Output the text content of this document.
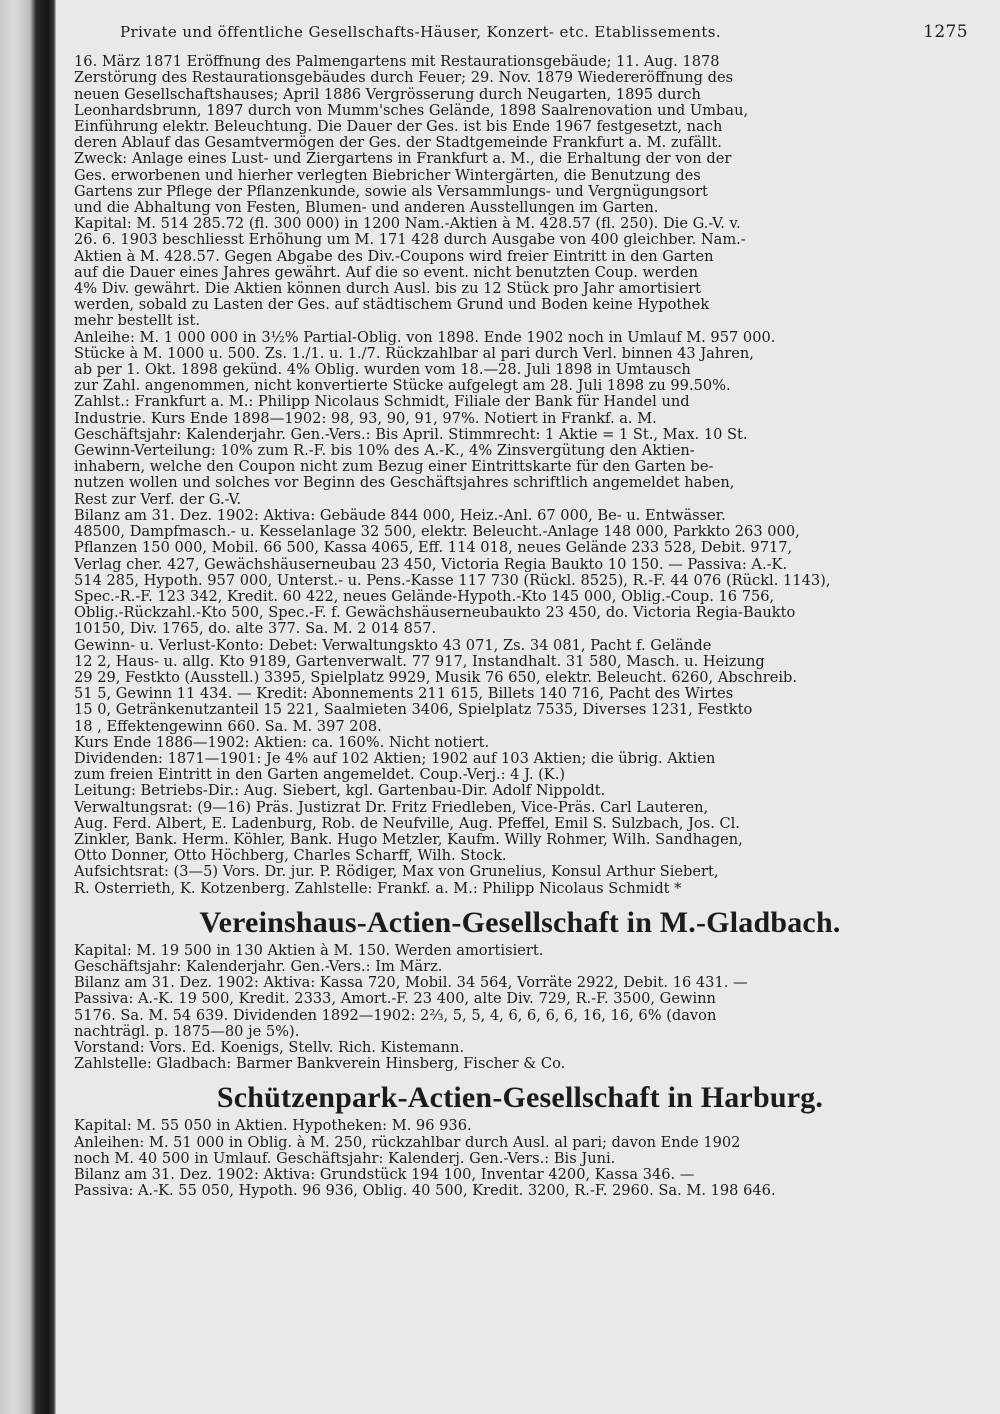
Private und öffentliche Gesellschafts-Häuser, Konzert- etc. Etablissements.	1275
16. März 1871 Eröffnung des Palmengartens mit Restaurationsgebäude; 11. Aug. 1878
Zerstörung des Restaurationsgebäudes durch Feuer; 29. Nov. 1879 Wiedereröffnung des
neuen Gesellschaftshauses; April 1886 Vergrösserung durch Neugarten, 1895 durch
Leonhardsbrunn, 1897 durch von Mumm'sches Gelände, 1898 Saalrenovation und Umbau,
Einführung elektr. Beleuchtung. Die Dauer der Ges. ist bis Ende 1967 festgesetzt, nach
deren Ablauf das Gesamtvermögen der Ges. der Stadtgemeinde Frankfurt a. M. zufällt.
Zweck: Anlage eines Lust- und Ziergartens in Frankfurt a. M., die Erhaltung der von der
Ges. erworbenen und hierher verlegten Biebricher Wintergärten, die Benutzung des
Gartens zur Pflege der Pflanzenkunde, sowie als Versammlungs- und Vergnügungsort
und die Abhaltung von Festen, Blumen- und anderen Ausstellungen im Garten.
Kapital: M. 514 285.72 (fl. 300 000) in 1200 Nam.-Aktien à M. 428.57 (fl. 250). Die G.-V. v.
26. 6. 1903 beschliesst Erhöhung um M. 171 428 durch Ausgabe von 400 gleichber. Nam.-
Aktien à M. 428.57. Gegen Abgabe des Div.-Coupons wird freier Eintritt in den Garten
auf die Dauer eines Jahres gewährt. Auf die so event. nicht benutzten Coup. werden
4% Div. gewährt. Die Aktien können durch Ausl. bis zu 12 Stück pro Jahr amortisiert
werden, sobald zu Lasten der Ges. auf städtischem Grund und Boden keine Hypothek
mehr bestellt ist.
Anleihe: M. 1 000 000 in 3½% Partial-Oblig. von 1898. Ende 1902 noch in Umlauf M. 957 000.
Stücke à M. 1000 u. 500. Zs. 1./1. u. 1./7. Rückzahlbar al pari durch Verl. binnen 43 Jahren,
ab per 1. Okt. 1898 gekünd. 4% Oblig. wurden vom 18.—28. Juli 1898 in Umtausch
zur Zahl. angenommen, nicht konvertierte Stücke aufgelegt am 28. Juli 1898 zu 99.50%.
Zahlst.: Frankfurt a. M.: Philipp Nicolaus Schmidt, Filiale der Bank für Handel und
Industrie. Kurs Ende 1898—1902: 98, 93, 90, 91, 97%. Notiert in Frankf. a. M.
Geschäftsjahr: Kalenderjahr. Gen.-Vers.: Bis April. Stimmrecht: 1 Aktie = 1 St., Max. 10 St.
Gewinn-Verteilung: 10% zum R.-F. bis 10% des A.-K., 4% Zinsvergütung den Aktien-
inhabern, welche den Coupon nicht zum Bezug einer Eintrittskarte für den Garten be-
nutzen wollen und solches vor Beginn des Geschäftsjahres schriftlich angemeldet haben,
Rest zur Verf. der G.-V.
Bilanz am 31. Dez. 1902: Aktiva: Gebäude 844 000, Heiz.-Anl. 67 000, Be- u. Entwässer.
48500, Dampfmasch.- u. Kesselanlage 32 500, elektr. Beleucht.-Anlage 148 000, Parkkto 263 000,
Pflanzen 150 000, Mobil. 66 500, Kassa 4065, Eff. 114 018, neues Gelände 233 528, Debit. 9717,
Verlag cher. 427, Gewächshäuserneubau 23 450, Victoria Regia Baukto 10 150. — Passiva: A.-K.
514 285, Hypoth. 957 000, Unterst.- u. Pens.-Kasse 117 730 (Rückl. 8525), R.-F. 44 076 (Rückl. 1143),
Spec.-R.-F. 123 342, Kredit. 60 422, neues Gelände-Hypoth.-Kto 145 000, Oblig.-Coup. 16 756,
Oblig.-Rückzahl.-Kto 500, Spec.-F. f. Gewächshäuserneubaukto 23 450, do. Victoria Regia-Baukto
10150, Div. 1765, do. alte 377. Sa. M. 2 014 857.
Gewinn- u. Verlust-Konto: Debet: Verwaltungskto 43 071, Zs. 34 081, Pacht f. Gelände
12 2, Haus- u. allg. Kto 9189, Gartenverwalt. 77 917, Instandhalt. 31 580, Masch. u. Heizung
29 29, Festkto (Ausstell.) 3395, Spielplatz 9929, Musik 76 650, elektr. Beleucht. 6260, Abschreib.
51 5, Gewinn 11 434. — Kredit: Abonnements 211 615, Billets 140 716, Pacht des Wirtes
15 0, Getränkenutzanteil 15 221, Saalmieten 3406, Spielplatz 7535, Diverses 1231, Festkto
18 , Effektengewinn 660. Sa. M. 397 208.
Kurs Ende 1886—1902: Aktien: ca. 160%. Nicht notiert.
Dividenden: 1871—1901: Je 4% auf 102 Aktien; 1902 auf 103 Aktien; die übrig. Aktien
zum freien Eintritt in den Garten angemeldet. Coup.-Verj.: 4 J. (K.)
Leitung: Betriebs-Dir.: Aug. Siebert, kgl. Gartenbau-Dir. Adolf Nippoldt.
Verwaltungsrat: (9—16) Präs. Justizrat Dr. Fritz Friedleben, Vice-Präs. Carl Lauteren,
Aug. Ferd. Albert, E. Ladenburg, Rob. de Neufville, Aug. Pfeffel, Emil S. Sulzbach, Jos. Cl.
Zinkler, Bank. Herm. Köhler, Bank. Hugo Metzler, Kaufm. Willy Rohmer, Wilh. Sandhagen,
Otto Donner, Otto Höchberg, Charles Scharff, Wilh. Stock.
Aufsichtsrat: (3—5) Vors. Dr. jur. P. Rödiger, Max von Grunelius, Konsul Arthur Siebert,
R. Osterrieth, K. Kotzenberg. Zahlstelle: Frankf. a. M.: Philipp Nicolaus Schmidt *
Vereinshaus-Actien-Gesellschaft in M.-Gladbach.
Kapital: M. 19 500 in 130 Aktien à M. 150. Werden amortisiert.
Geschäftsjahr: Kalenderjahr. Gen.-Vers.: Im März.
Bilanz am 31. Dez. 1902: Aktiva: Kassa 720, Mobil. 34 564, Vorräte 2922, Debit. 16 431. —
Passiva: A.-K. 19 500, Kredit. 2333, Amort.-F. 23 400, alte Div. 729, R.-F. 3500, Gewinn
5176. Sa. M. 54 639. Dividenden 1892—1902: 2⅔, 5, 5, 4, 6, 6, 6, 6, 16, 16, 6% (davon
nachträgl. p. 1875—80 je 5%).
Vorstand: Vors. Ed. Koenigs, Stellv. Rich. Kistemann.
Zahlstelle: Gladbach: Barmer Bankverein Hinsberg, Fischer & Co.
Schützenpark-Actien-Gesellschaft in Harburg.
Kapital: M. 55 050 in Aktien. Hypotheken: M. 96 936.
Anleihen: M. 51 000 in Oblig. à M. 250, rückzahlbar durch Ausl. al pari; davon Ende 1902
noch M. 40 500 in Umlauf. Geschäftsjahr: Kalenderj. Gen.-Vers.: Bis Juni.
Bilanz am 31. Dez. 1902: Aktiva: Grundstück 194 100, Inventar 4200, Kassa 346. —
Passiva: A.-K. 55 050, Hypoth. 96 936, Oblig. 40 500, Kredit. 3200, R.-F. 2960. Sa. M. 198 646.
